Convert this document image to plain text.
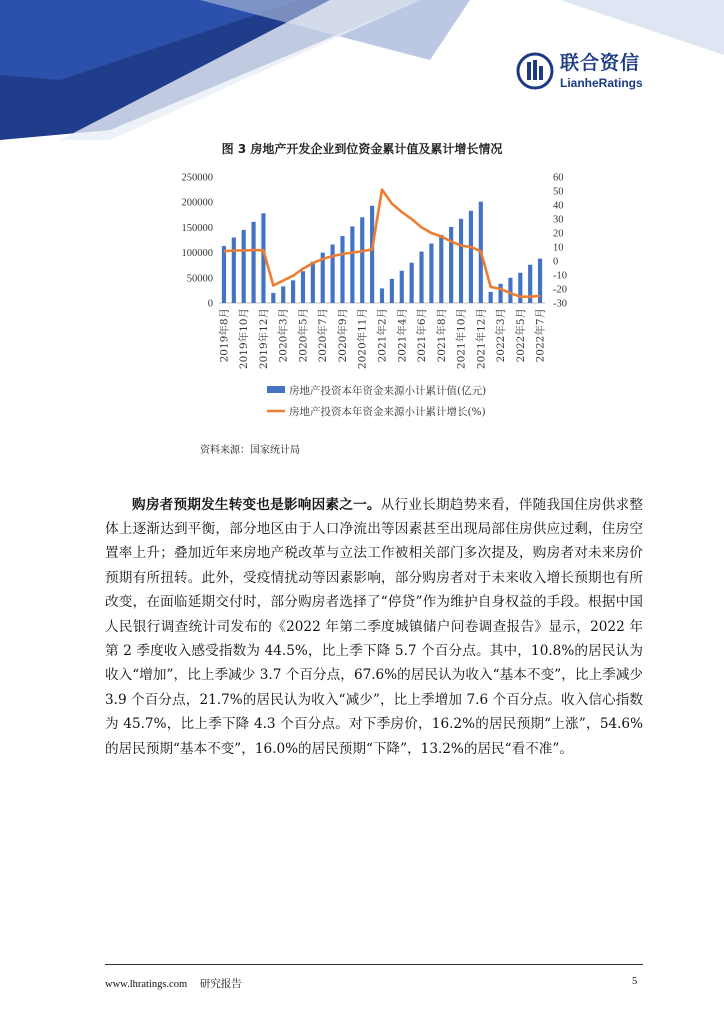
联合资信
LianheRatings
图 3 房地产开发企业到位资金累计值及累计增长情况
0
50000
100000
150000
200000
250000	60
50
40
30
20
10
0
-10
-20
-30
2019年8月 2019年10月 2019年12月 2020年3月 2020年5月 2020年7月 2020年9月 2020年11月 2021年2月 2021年4月 2021年6月 2021年8月 2021年10月 2021年12月 2022年3月 2022年5月 2022年7月
房地产投资本年资金来源小计累计值(亿元)
房地产投资本年资金来源小计累计增长(%)
资料来源：国家统计局

购房者预期发生转变也是影响因素之一。从行业长期趋势来看，伴随我国住房供求整体上逐渐达到平衡，部分地区由于人口净流出等因素甚至出现局部住房供应过剩，住房空置率上升；叠加近年来房地产税改革与立法工作被相关部门多次提及，购房者对未来房价预期有所扭转。此外，受疫情扰动等因素影响，部分购房者对于未来收入增长预期也有所改变，在面临延期交付时，部分购房者选择了“停贷”作为维护自身权益的手段。根据中国人民银行调查统计司发布的《2022 年第二季度城镇储户问卷调查报告》显示，2022 年第 2 季度收入感受指数为 44.5%，比上季下降 5.7 个百分点。其中，10.8%的居民认为收入“增加”，比上季减少 3.7 个百分点，67.6%的居民认为收入“基本不变”，比上季减少 3.9 个百分点，21.7%的居民认为收入“减少”，比上季增加 7.6 个百分点。收入信心指数为 45.7%，比上季下降 4.3 个百分点。对下季房价，16.2%的居民预期“上涨”，54.6%的居民预期“基本不变”，16.0%的居民预期“下降”，13.2%的居民“看不准”。

www.lhratings.com 研究报告	5
